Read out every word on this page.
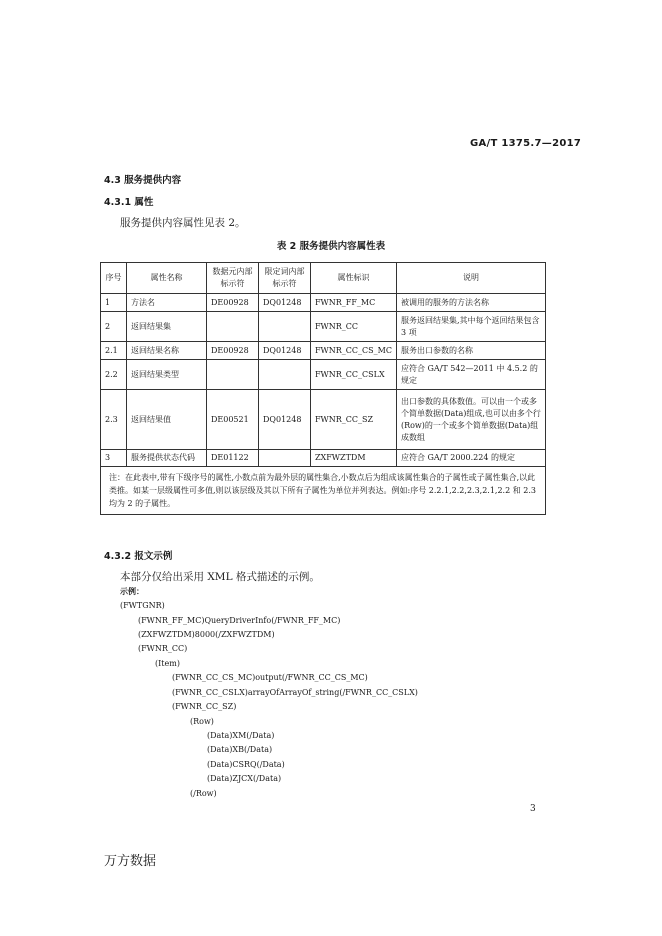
GA/T 1375.7—2017
4.3 服务提供内容
4.3.1 属性
服务提供内容属性见表 2。
表 2 服务提供内容属性表
序号	属性名称	数据元内部标示符	限定词内部标示符	属性标识	说明
1	方法名	DE00928	DQ01248	FWNR_FF_MC	被调用的服务的方法名称
2	返回结果集			FWNR_CC	服务返回结果集,其中每个返回结果包含 3 项
2.1	返回结果名称	DE00928	DQ01248	FWNR_CC_CS_MC	服务出口参数的名称
2.2	返回结果类型			FWNR_CC_CSLX	应符合 GA/T 542—2011 中 4.5.2 的规定
2.3	返回结果值	DE00521	DQ01248	FWNR_CC_SZ	出口参数的具体数值。可以由一个或多个简单数据(Data)组成,也可以由多个行(Row)的一个或多个简单数据(Data)组成数组
3	服务提供状态代码	DE01122		ZXFWZTDM	应符合 GA/T 2000.224 的规定
注：在此表中,带有下级序号的属性,小数点前为最外层的属性集合,小数点后为组成该属性集合的子属性或子属性集合,以此类推。如某一层级属性可多值,则以该层级及其以下所有子属性为单位并列表达。例如:序号 2.2.1,2.2,2.3,2.1,2.2 和 2.3 均为 2 的子属性。					
4.3.2 报文示例
本部分仅给出采用 XML 格式描述的示例。
示例：
(FWTGNR)
(FWNR_FF_MC)QueryDriverInfo(/FWNR_FF_MC)
(ZXFWZTDM)8000(/ZXFWZTDM)
(FWNR_CC)
(Item)
(FWNR_CC_CS_MC)output(/FWNR_CC_CS_MC)
(FWNR_CC_CSLX)arrayOfArrayOf_string(/FWNR_CC_CSLX)
(FWNR_CC_SZ)
(Row)
(Data)XM(/Data)
(Data)XB(/Data)
(Data)CSRQ(/Data)
(Data)ZJCX(/Data)
(/Row)
3
万方数据
